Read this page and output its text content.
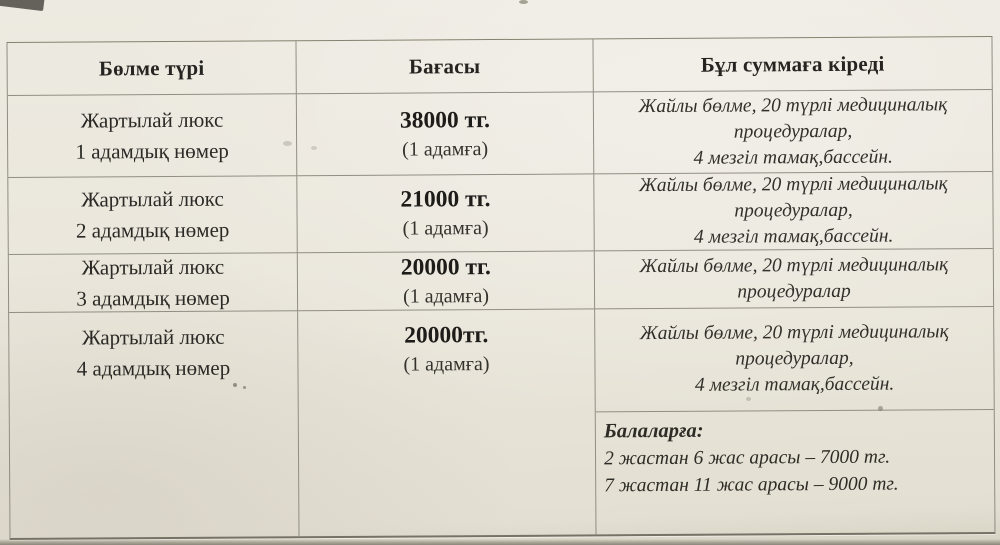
Бөлме түрі	Бағасы	Бұл суммаға кіреді
Жартылай люкс
1 адамдық нөмер
38000 тг.
(1 адамға)
Жайлы бөлме, 20 түрлі медициналық
процедуралар,
4 мезгіл тамақ,бассейн.
Жартылай люкс
2 адамдық нөмер
21000 тг.
(1 адамға)
Жайлы бөлме, 20 түрлі медициналық
процедуралар,
4 мезгіл тамақ,бассейн.
Жартылай люкс
3 адамдық нөмер
20000 тг.
(1 адамға)
Жайлы бөлме, 20 түрлі медициналық
процедуралар
Жартылай люкс
4 адамдық нөмер
20000тг.
(1 адамға)
Жайлы бөлме, 20 түрлі медициналық
процедуралар,
4 мезгіл тамақ,бассейн.
Балаларға:
2 жастан 6 жас арасы – 7000 тг.
7 жастан 11 жас арасы – 9000 тг.
